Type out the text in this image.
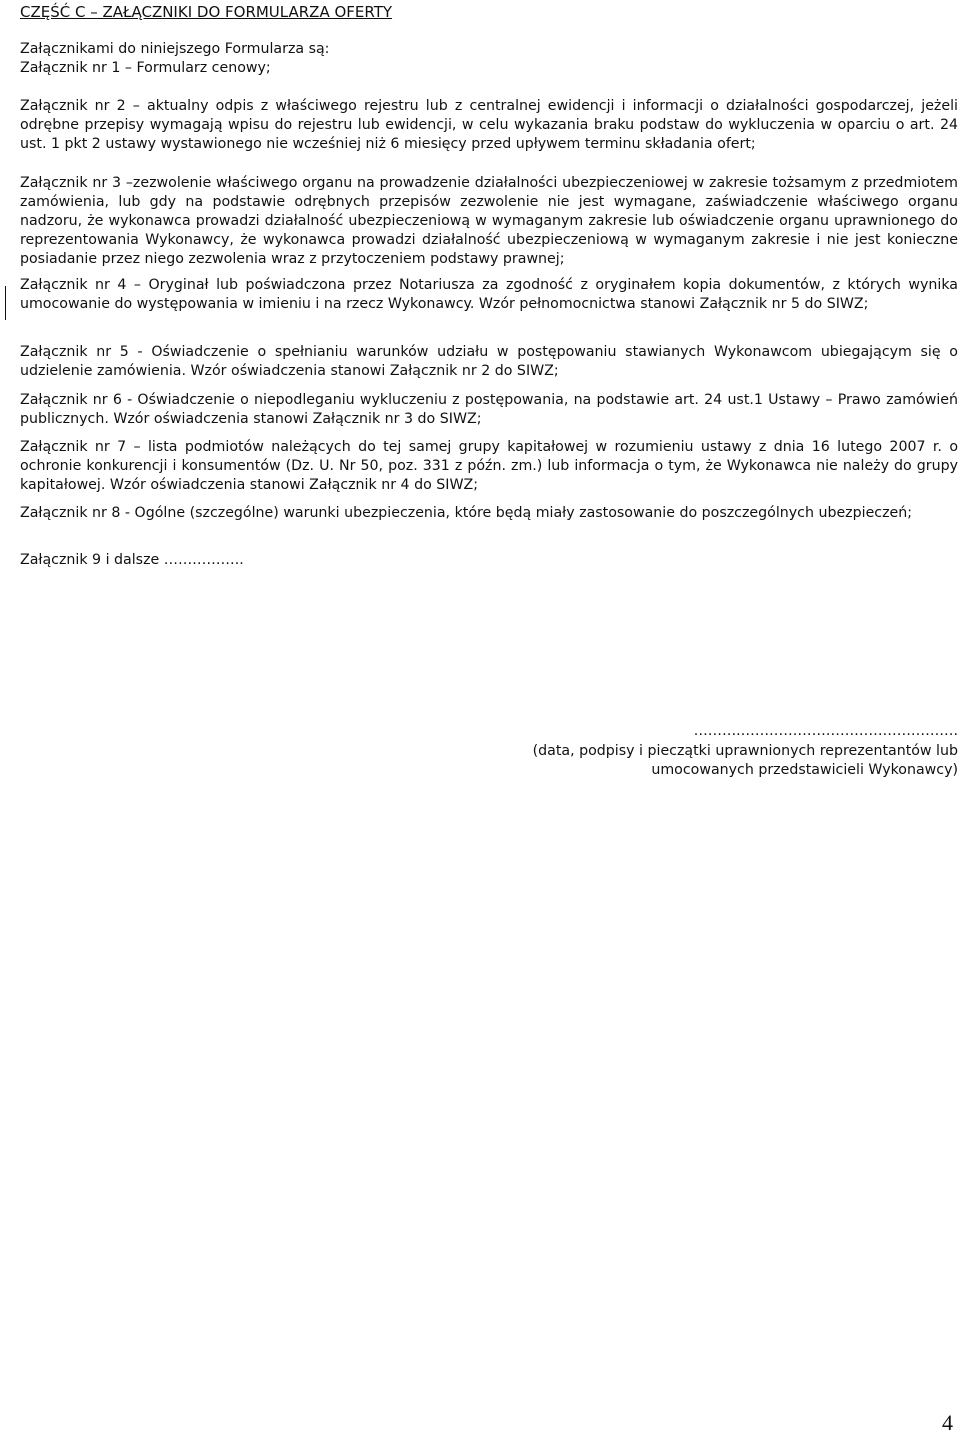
CZĘŚĆ C – ZAŁĄCZNIKI DO FORMULARZA OFERTY
Załącznikami do niniejszego Formularza są:
Załącznik nr 1 – Formularz cenowy;
Załącznik nr 2 – aktualny odpis z właściwego rejestru lub z centralnej ewidencji i informacji o działalności gospodarczej, jeżeli odrębne przepisy wymagają wpisu do rejestru lub ewidencji, w celu wykazania braku podstaw do wykluczenia w oparciu o art. 24 ust. 1 pkt 2 ustawy wystawionego nie wcześniej niż 6 miesięcy przed upływem terminu składania ofert;
Załącznik nr 3 –zezwolenie właściwego organu na prowadzenie działalności ubezpieczeniowej w zakresie tożsamym z przedmiotem zamówienia, lub gdy na podstawie odrębnych przepisów zezwolenie nie jest wymagane, zaświadczenie właściwego organu nadzoru, że wykonawca prowadzi działalność ubezpieczeniową w wymaganym zakresie lub oświadczenie organu uprawnionego do reprezentowania Wykonawcy, że wykonawca prowadzi działalność ubezpieczeniową w wymaganym zakresie i nie jest konieczne posiadanie przez niego zezwolenia wraz z przytoczeniem podstawy prawnej;
Załącznik nr 4 – Oryginał lub poświadczona przez Notariusza za zgodność z oryginałem kopia dokumentów, z których wynika umocowanie do występowania w imieniu i na rzecz Wykonawcy. Wzór pełnomocnictwa stanowi Załącznik nr 5 do SIWZ;
Załącznik nr 5 - Oświadczenie o spełnianiu warunków udziału w postępowaniu stawianych Wykonawcom ubiegającym się o udzielenie zamówienia. Wzór oświadczenia stanowi Załącznik nr 2 do SIWZ;
Załącznik nr 6 - Oświadczenie o niepodleganiu wykluczeniu z postępowania, na podstawie art. 24 ust.1 Ustawy – Prawo zamówień publicznych. Wzór oświadczenia stanowi Załącznik nr 3 do SIWZ;
Załącznik nr 7 – lista podmiotów należących do tej samej grupy kapitałowej w rozumieniu ustawy z dnia 16 lutego 2007 r. o ochronie konkurencji i konsumentów (Dz. U. Nr 50, poz. 331 z późn. zm.) lub informacja o tym, że Wykonawca nie należy do grupy kapitałowej. Wzór oświadczenia stanowi Załącznik nr 4 do SIWZ;
Załącznik nr 8 - Ogólne (szczególne) warunki ubezpieczenia, które będą miały zastosowanie do poszczególnych ubezpieczeń;
Załącznik 9 i dalsze ……………..
……….……………………………………….
(data, podpisy i pieczątki uprawnionych reprezentantów lub umocowanych przedstawicieli Wykonawcy)
4
